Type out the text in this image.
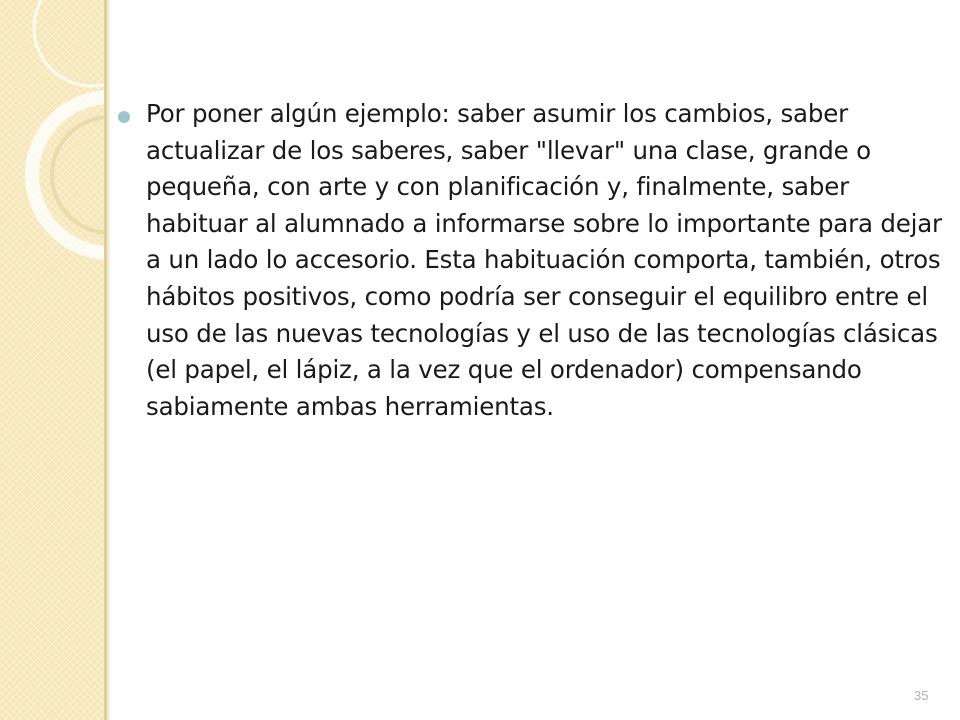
Por poner algún ejemplo: saber asumir los cambios, saber actualizar de los saberes, saber "llevar" una clase, grande o pequeña, con arte y con planificación y, finalmente, saber habituar al alumnado a informarse sobre lo importante para dejar a un lado lo accesorio. Esta habituación comporta, también, otros hábitos positivos, como podría ser conseguir el equilibro entre el uso de las nuevas tecnologías y el uso de las tecnologías clásicas (el papel, el lápiz, a la vez que el ordenador) compensando sabiamente ambas herramientas.
35
